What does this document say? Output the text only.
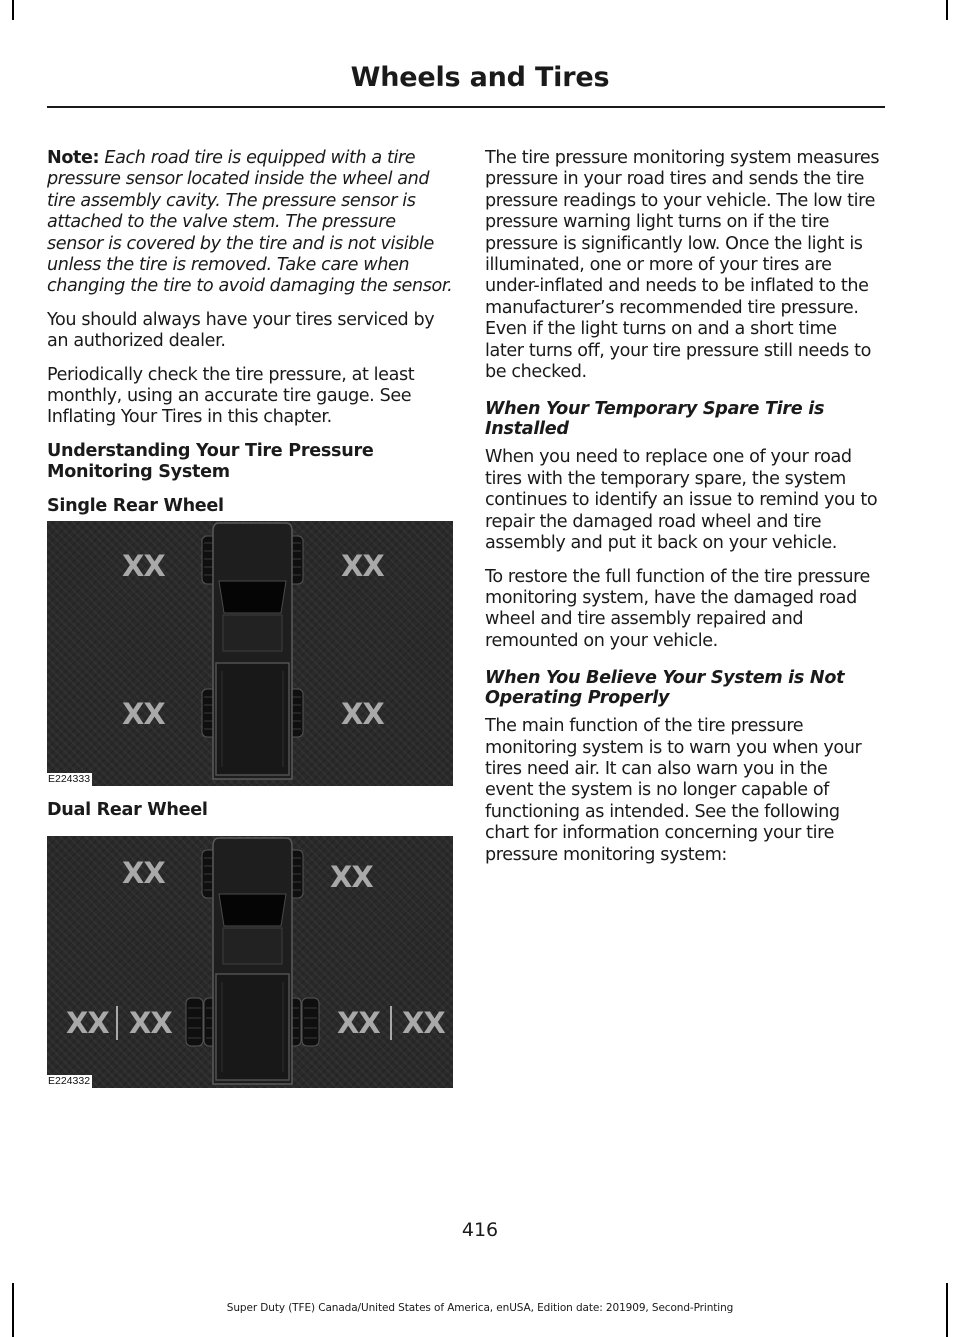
Wheels and Tires

Note: Each road tire is equipped with a tire pressure sensor located inside the wheel and tire assembly cavity. The pressure sensor is attached to the valve stem. The pressure sensor is covered by the tire and is not visible unless the tire is removed. Take care when changing the tire to avoid damaging the sensor.

You should always have your tires serviced by an authorized dealer.

Periodically check the tire pressure, at least monthly, using an accurate tire gauge. See Inflating Your Tires in this chapter.

Understanding Your Tire Pressure Monitoring System
Single Rear Wheel
XX	XX
XX	XX
E224333
Dual Rear Wheel
XX	XX
XX XX	XX XX
E224332

The tire pressure monitoring system measures pressure in your road tires and sends the tire pressure readings to your vehicle. The low tire pressure warning light turns on if the tire pressure is significantly low. Once the light is illuminated, one or more of your tires are under-inflated and needs to be inflated to the manufacturer’s recommended tire pressure. Even if the light turns on and a short time later turns off, your tire pressure still needs to be checked.

When Your Temporary Spare Tire is Installed

When you need to replace one of your road tires with the temporary spare, the system continues to identify an issue to remind you to repair the damaged road wheel and tire assembly and put it back on your vehicle.

To restore the full function of the tire pressure monitoring system, have the damaged road wheel and tire assembly repaired and remounted on your vehicle.

When You Believe Your System is Not Operating Properly

The main function of the tire pressure monitoring system is to warn you when your tires need air. It can also warn you in the event the system is no longer capable of functioning as intended. See the following chart for information concerning your tire pressure monitoring system:

416
Super Duty (TFE) Canada/United States of America, enUSA, Edition date: 201909, Second-Printing
